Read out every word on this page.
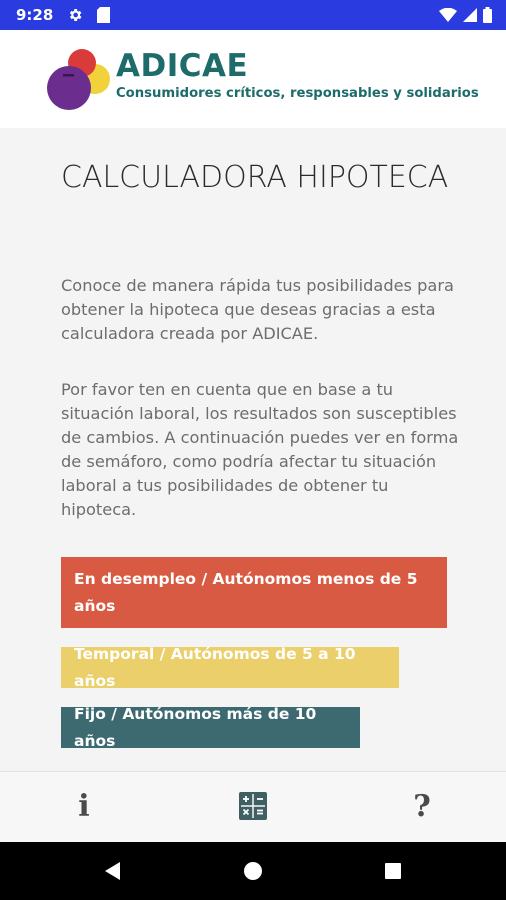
9:28
ADICAE
Consumidores críticos, responsables y solidarios
CALCULADORA HIPOTECA

Conoce de manera rápida tus posibilidades para obtener la hipoteca que deseas gracias a esta calculadora creada por ADICAE.

Por favor ten en cuenta que en base a tu situación laboral, los resultados son susceptibles de cambios. A continuación puedes ver en forma de semáforo, como podría afectar tu situación laboral a tus posibilidades de obtener tu hipoteca.

En desempleo / Autónomos menos de 5 años
Temporal / Autónomos de 5 a 10 años
Fijo / Autónomos más de 10 años
i	?
